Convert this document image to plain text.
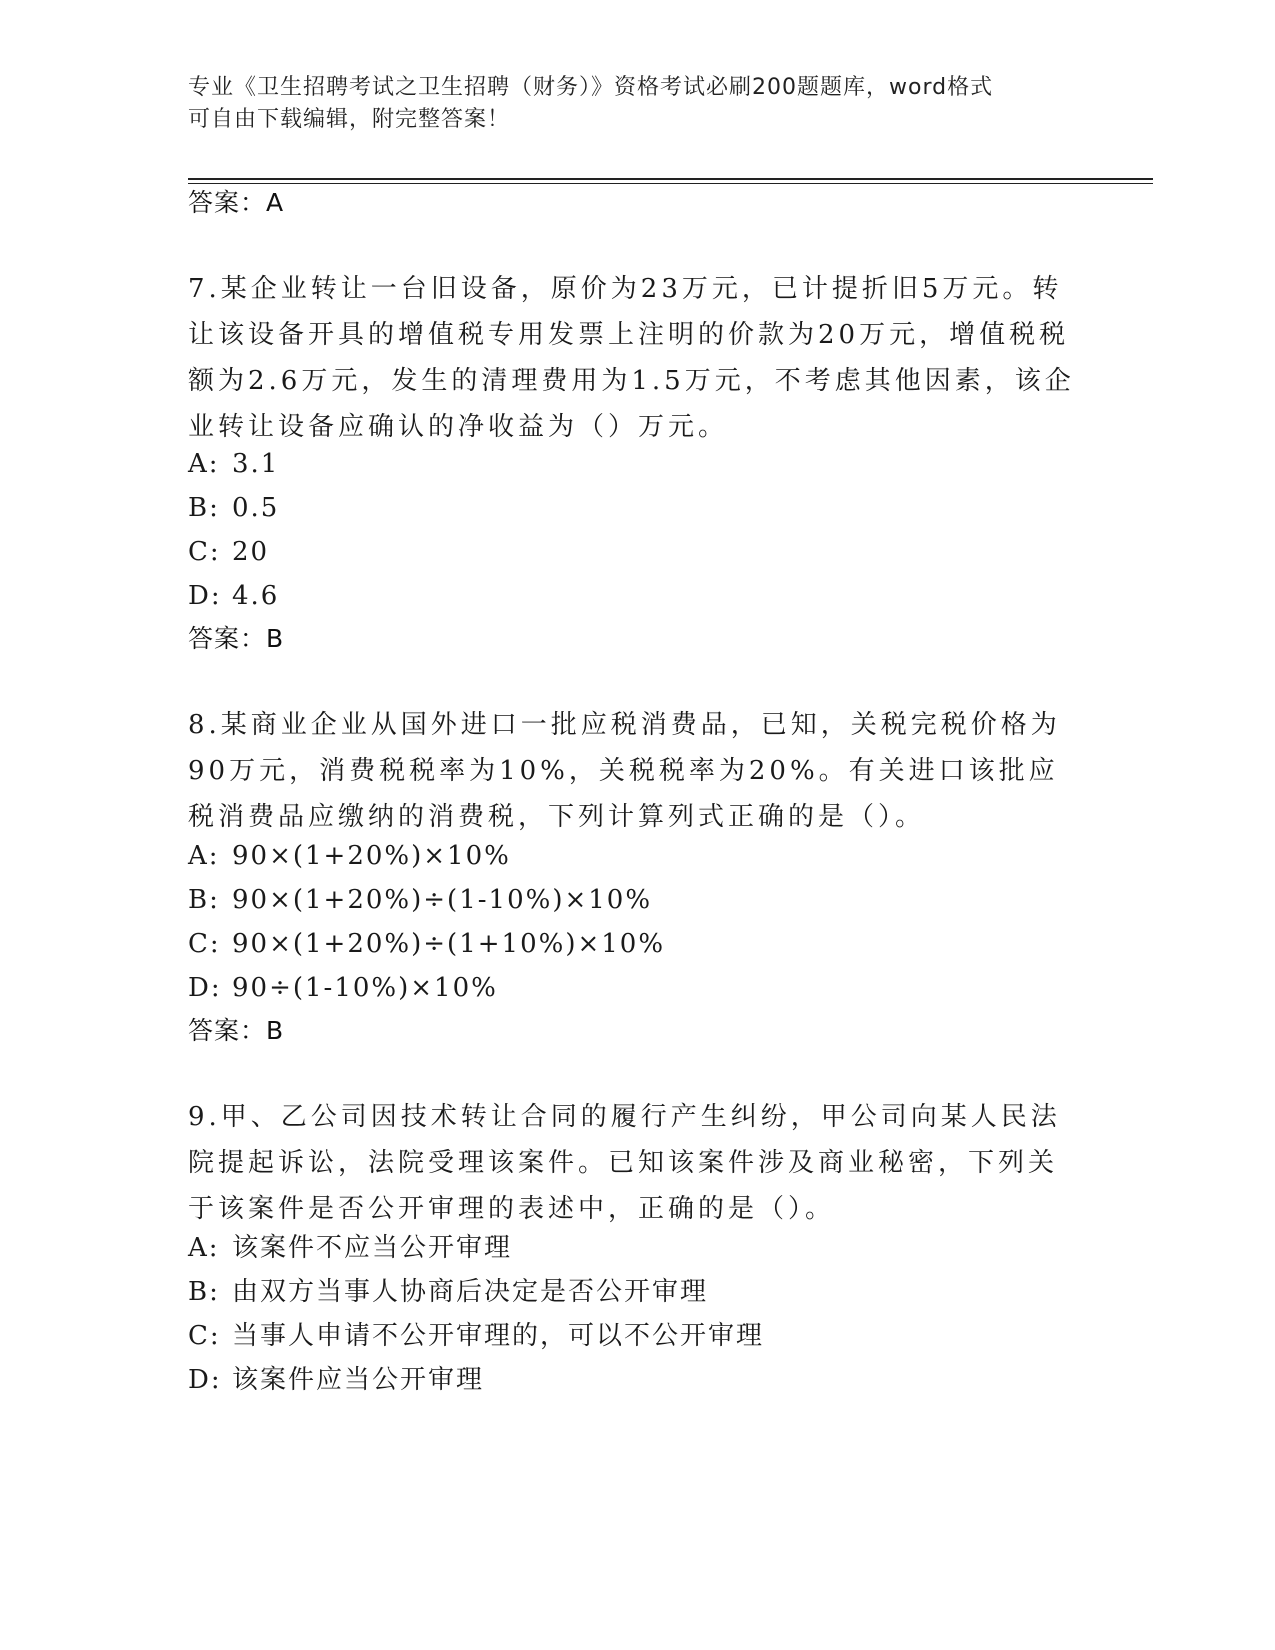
专业《卫生招聘考试之卫生招聘（财务）》资格考试必刷200题题库，word格式
可自由下载编辑，附完整答案！
答案：A
7.某企业转让一台旧设备，原价为23万元，已计提折旧5万元。转让该设备开具的增值税专用发票上注明的价款为20万元，增值税税额为2.6万元，发生的清理费用为1.5万元，不考虑其他因素，该企业转让设备应确认的净收益为（）万元。
A: 3.1
B: 0.5
C: 20
D: 4.6
答案：B
8.某商业企业从国外进口一批应税消费品，已知，关税完税价格为90万元，消费税税率为10%，关税税率为20%。有关进口该批应税消费品应缴纳的消费税，下列计算列式正确的是（）。
A: 90×(1+20%)×10%
B: 90×(1+20%)÷(1-10%)×10%
C: 90×(1+20%)÷(1+10%)×10%
D: 90÷(1-10%)×10%
答案：B
9.甲、乙公司因技术转让合同的履行产生纠纷，甲公司向某人民法院提起诉讼，法院受理该案件。已知该案件涉及商业秘密，下列关于该案件是否公开审理的表述中，正确的是（）。
A: 该案件不应当公开审理
B: 由双方当事人协商后决定是否公开审理
C: 当事人申请不公开审理的，可以不公开审理
D: 该案件应当公开审理
